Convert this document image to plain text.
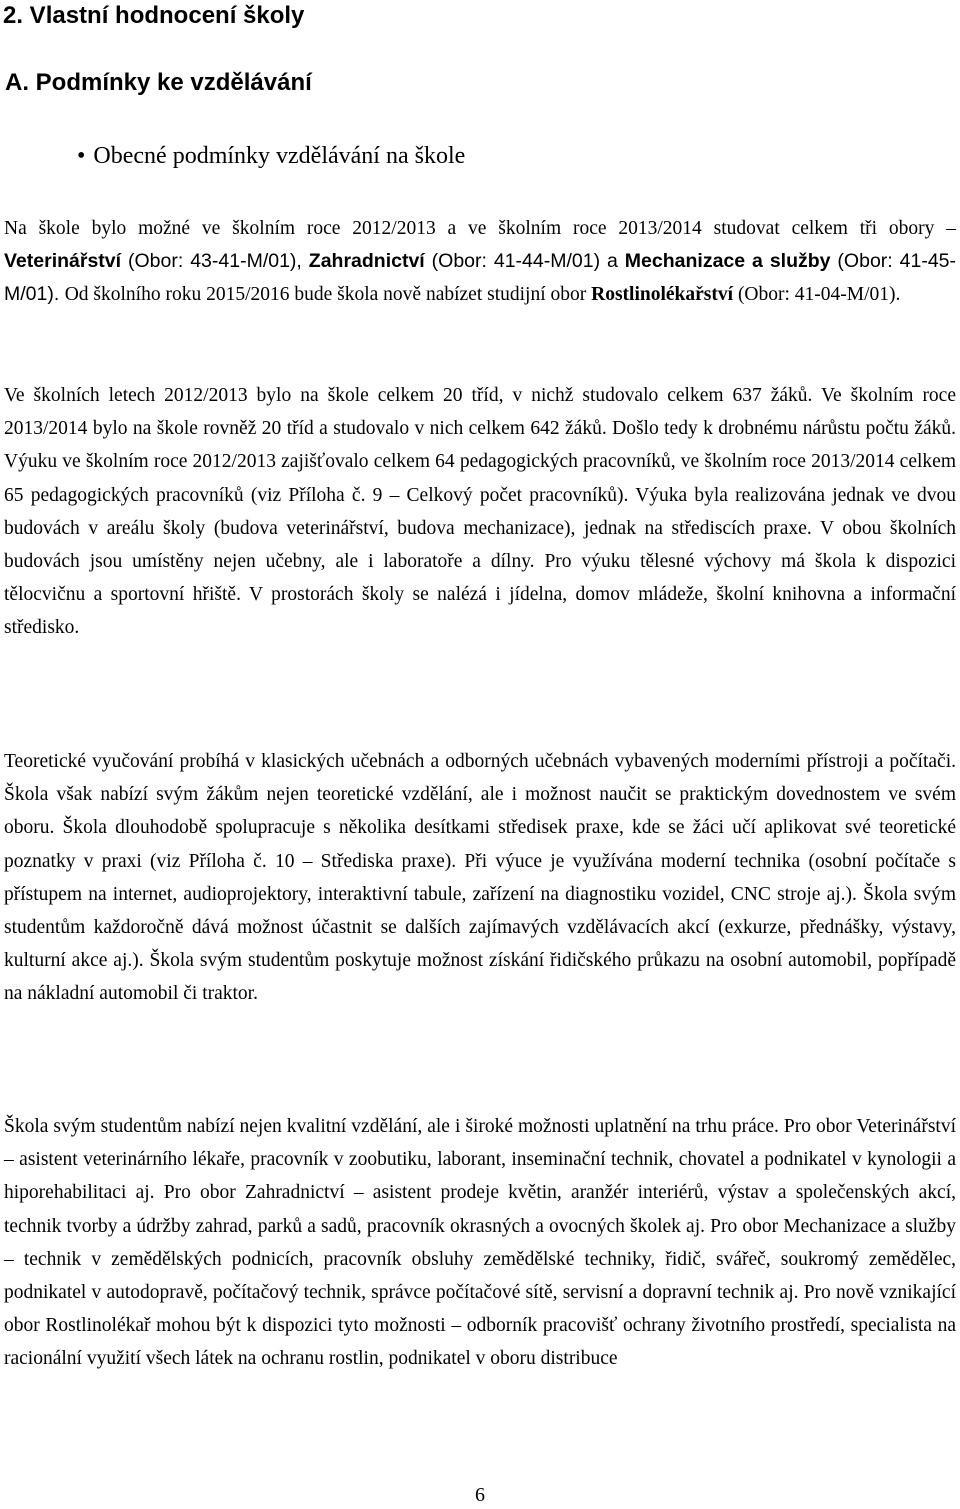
2. Vlastní hodnocení školy
A. Podmínky ke vzdělávání
• Obecné podmínky vzdělávání na škole

Na škole bylo možné ve školním roce 2012/2013 a ve školním roce 2013/2014 studovat celkem tři obory – Veterinářství (Obor: 43-41-M/01), Zahradnictví (Obor: 41-44-M/01) a Mechanizace a služby (Obor: 41-45-M/01). Od školního roku 2015/2016 bude škola nově nabízet studijní obor Rostlinolékařství (Obor: 41-04-M/01).

Ve školních letech 2012/2013 bylo na škole celkem 20 tříd, v nichž studovalo celkem 637 žáků. Ve školním roce 2013/2014 bylo na škole rovněž 20 tříd a studovalo v nich celkem 642 žáků. Došlo tedy k drobnému nárůstu počtu žáků. Výuku ve školním roce 2012/2013 zajišťovalo celkem 64 pedagogických pracovníků, ve školním roce 2013/2014 celkem 65 pedagogických pracovníků (viz Příloha č. 9 – Celkový počet pracovníků). Výuka byla realizována jednak ve dvou budovách v areálu školy (budova veterinářství, budova mechanizace), jednak na střediscích praxe. V obou školních budovách jsou umístěny nejen učebny, ale i laboratoře a dílny. Pro výuku tělesné výchovy má škola k dispozici tělocvičnu a sportovní hřiště. V prostorách školy se nalézá i jídelna, domov mládeže, školní knihovna a informační středisko.

Teoretické vyučování probíhá v klasických učebnách a odborných učebnách vybavených moderními přístroji a počítači. Škola však nabízí svým žákům nejen teoretické vzdělání, ale i možnost naučit se praktickým dovednostem ve svém oboru. Škola dlouhodobě spolupracuje s několika desítkami středisek praxe, kde se žáci učí aplikovat své teoretické poznatky v praxi (viz Příloha č. 10 – Střediska praxe). Při výuce je využívána moderní technika (osobní počítače s přístupem na internet, audioprojektory, interaktivní tabule, zařízení na diagnostiku vozidel, CNC stroje aj.). Škola svým studentům každoročně dává možnost účastnit se dalších zajímavých vzdělávacích akcí (exkurze, přednášky, výstavy, kulturní akce aj.). Škola svým studentům poskytuje možnost získání řidičského průkazu na osobní automobil, popřípadě na nákladní automobil či traktor.

Škola svým studentům nabízí nejen kvalitní vzdělání, ale i široké možnosti uplatnění na trhu práce. Pro obor Veterinářství – asistent veterinárního lékaře, pracovník v zoobutiku, laborant, inseminační technik, chovatel a podnikatel v kynologii a hiporehabilitaci aj. Pro obor Zahradnictví – asistent prodeje květin, aranžér interiérů, výstav a společenských akcí, technik tvorby a údržby zahrad, parků a sadů, pracovník okrasných a ovocných školek aj. Pro obor Mechanizace a služby – technik v zemědělských podnicích, pracovník obsluhy zemědělské techniky, řidič, svářeč, soukromý zemědělec, podnikatel v autodopravě, počítačový technik, správce počítačové sítě, servisní a dopravní technik aj. Pro nově vznikající obor Rostlinolékař mohou být k dispozici tyto možnosti – odborník pracovišť ochrany životního prostředí, specialista na racionální využití všech látek na ochranu rostlin, podnikatel v oboru distribuce

6
